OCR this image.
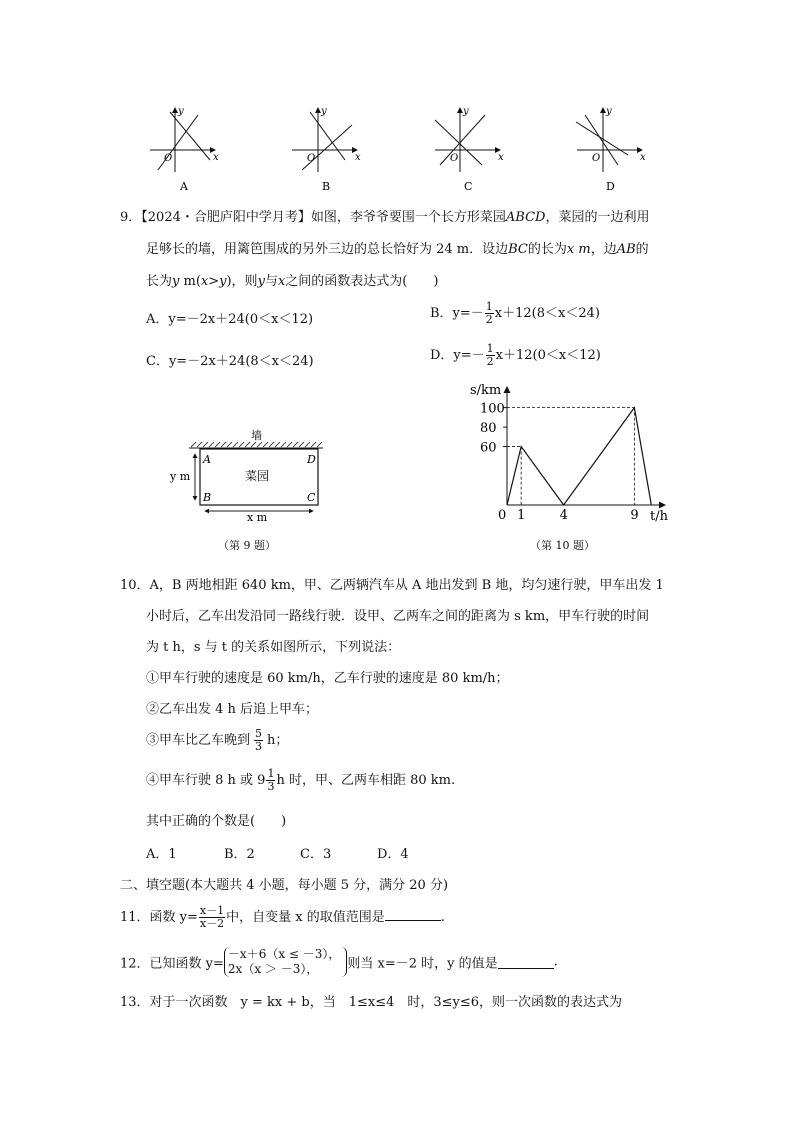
x
y
O
A
x
y
O
B
x
y
O
C
x
y
O
D
9．【2024・合肥庐阳中学月考】如图，李爷爷要围一个长方形菜园ABCD，菜园的一边利用
足够长的墙，用篱笆围成的另外三边的总长恰好为 24 m．设边BC的长为x m，边AB的
长为y m(x>y)，则y与x之间的函数表达式为(　　)
A．y=－2x＋24(0＜x＜12)	B．$y=- \frac{1}{2} x+12(8<x<24)$
C．y=－2x＋24(8＜x＜24)	D．$y=- \frac{1}{2} x+12(0<x<12)$
墙
A	D
B	C
菜园
y m
x m
（第 9 题）
60
80
100
0 1	4	9
s/km
t/h
（第 10 题）
10．A，B 两地相距 640 km，甲、乙两辆汽车从 A 地出发到 B 地，均匀速行驶，甲车出发 1
小时后，乙车出发沿同一路线行驶．设甲、乙两车之间的距离为 s km，甲车行驶的时间
为 t h，s 与 t 的关系如图所示，下列说法：
①甲车行驶的速度是 60 km/h，乙车行驶的速度是 80 km/h；
②乙车出发 4 h 后追上甲车；
③甲车比乙车晚到 $\frac{5}{3}$ h；
④甲车行驶 8 h 或 $9 \frac{1}{3}$ h 时，甲、乙两车相距 80 km.
其中正确的个数是(　　)
A．1	B．2	C．3	D．4
二、填空题(本大题共 4 小题，每小题 5 分，满分 20 分)
11．函数 $y= \frac{x-1}{x-2}$ 中，自变量 x 的取值范围是	.
12．已知函数 y=
－x＋6（x ≤ －3），
2x（x ＞ －3），	则当 x=－2 时，y 的值是	.
13．对于一次函数　y = kx + b，当　1≤x≤4　时，3≤y≤6，则一次函数的表达式为
